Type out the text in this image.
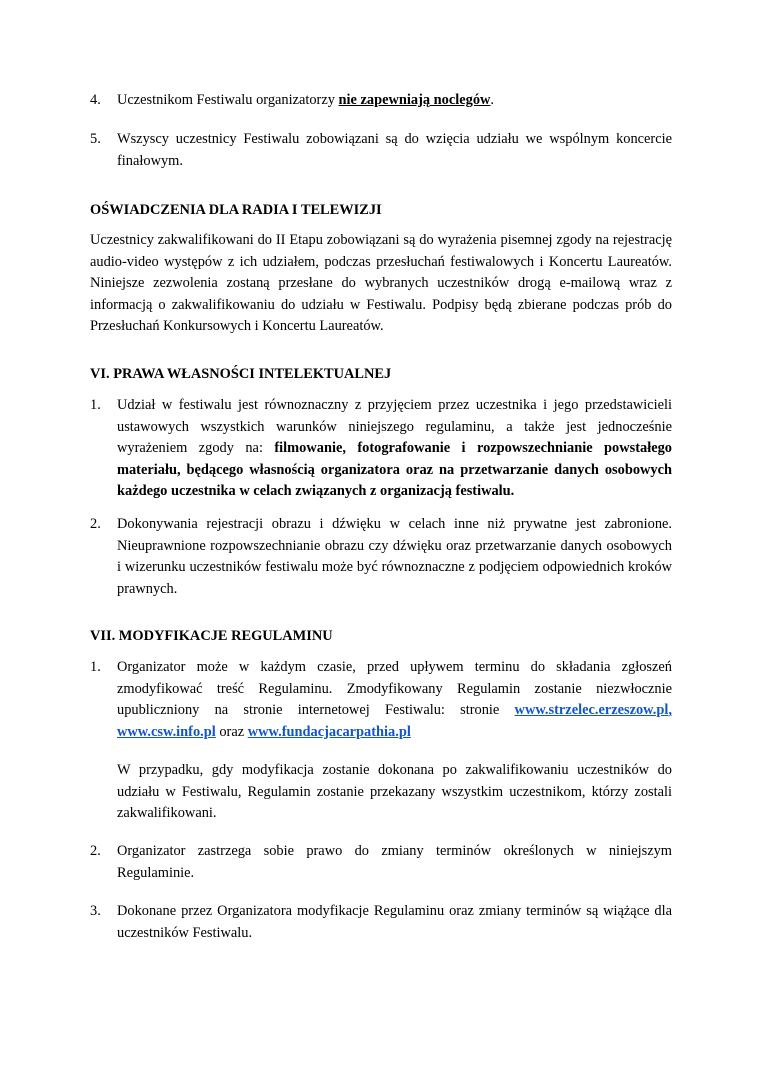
4. Uczestnikom Festiwalu organizatorzy nie zapewniają noclegów.
5. Wszyscy uczestnicy Festiwalu zobowiązani są do wzięcia udziału we wspólnym koncercie finałowym.
OŚWIADCZENIA DLA RADIA I TELEWIZJI
Uczestnicy zakwalifikowani do II Etapu zobowiązani są do wyrażenia pisemnej zgody na rejestrację audio-video występów z ich udziałem, podczas przesłuchań festiwalowych i Koncertu Laureatów. Niniejsze zezwolenia zostaną przesłane do wybranych uczestników drogą e-mailową wraz z informacją o zakwalifikowaniu do udziału w Festiwalu. Podpisy będą zbierane podczas prób do Przesłuchań Konkursowych i Koncertu Laureatów.
VI. PRAWA WŁASNOŚCI INTELEKTUALNEJ
1. Udział w festiwalu jest równoznaczny z przyjęciem przez uczestnika i jego przedstawicieli ustawowych wszystkich warunków niniejszego regulaminu, a także jest jednocześnie wyrażeniem zgody na: filmowanie, fotografowanie i rozpowszechnianie powstałego materiału, będącego własnością organizatora oraz na przetwarzanie danych osobowych każdego uczestnika w celach związanych z organizacją festiwalu.
2. Dokonywania rejestracji obrazu i dźwięku w celach inne niż prywatne jest zabronione. Nieuprawnione rozpowszechnianie obrazu czy dźwięku oraz przetwarzanie danych osobowych i wizerunku uczestników festiwalu może być równoznaczne z podjęciem odpowiednich kroków prawnych.
VII. MODYFIKACJE REGULAMINU
1. Organizator może w każdym czasie, przed upływem terminu do składania zgłoszeń zmodyfikować treść Regulaminu. Zmodyfikowany Regulamin zostanie niezwłocznie upubliczniony na stronie internetowej Festiwalu: stronie www.strzelec.erzeszow.pl, www.csw.info.pl oraz www.fundacjacarpathia.pl
W przypadku, gdy modyfikacja zostanie dokonana po zakwalifikowaniu uczestników do udziału w Festiwalu, Regulamin zostanie przekazany wszystkim uczestnikom, którzy zostali zakwalifikowani.
2. Organizator zastrzega sobie prawo do zmiany terminów określonych w niniejszym Regulaminie.
3. Dokonane przez Organizatora modyfikacje Regulaminu oraz zmiany terminów są wiążące dla uczestników Festiwalu.
